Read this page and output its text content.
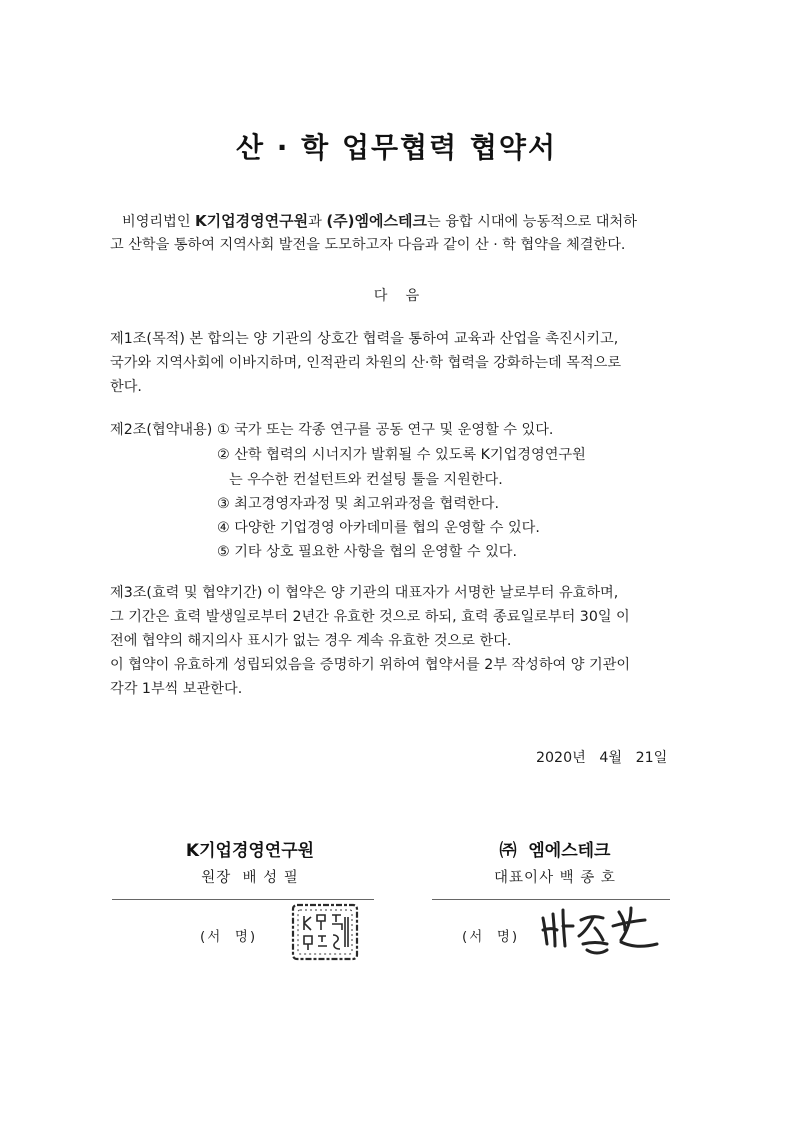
산 · 학 업무협력 협약서
비영리법인 K기업경영연구원과 (주)엠에스테크는 융합 시대에 능동적으로 대처하
고 산학을 통하여 지역사회 발전을 도모하고자 다음과 같이 산 · 학 협약을 체결한다.
다    음
제1조(목적) 본 합의는 양 기관의 상호간 협력을 통하여 교육과 산업을 촉진시키고,
국가와 지역사회에 이바지하며, 인적관리 차원의 산·학 협력을 강화하는데 목적으로
한다.
제2조(협약내용) ① 국가 또는 각종 연구를 공동 연구 및 운영할 수 있다.
② 산학 협력의 시너지가 발휘될 수 있도록 K기업경영연구원
는 우수한 컨설턴트와 컨설팅 툴을 지원한다.
③ 최고경영자과정 및 최고위과정을 협력한다.
④ 다양한 기업경영 아카데미를 협의 운영할 수 있다.
⑤ 기타 상호 필요한 사항을 협의 운영할 수 있다.
제3조(효력 및 협약기간) 이 협약은 양 기관의 대표자가 서명한 날로부터 유효하며,
그 기간은 효력 발생일로부터 2년간 유효한 것으로 하되, 효력 종료일로부터 30일 이
전에 협약의 해지의사 표시가 없는 경우 계속 유효한 것으로 한다.
이 협약이 유효하게 성립되었음을 증명하기 위하여 협약서를 2부 작성하여 양 기관이
각각 1부씩 보관한다.
2020년   4월   21일
K기업경영연구원
원장  배 성 필
(서  명)
㈜  엠에스테크
대표이사 백 종 호
(서  명)
